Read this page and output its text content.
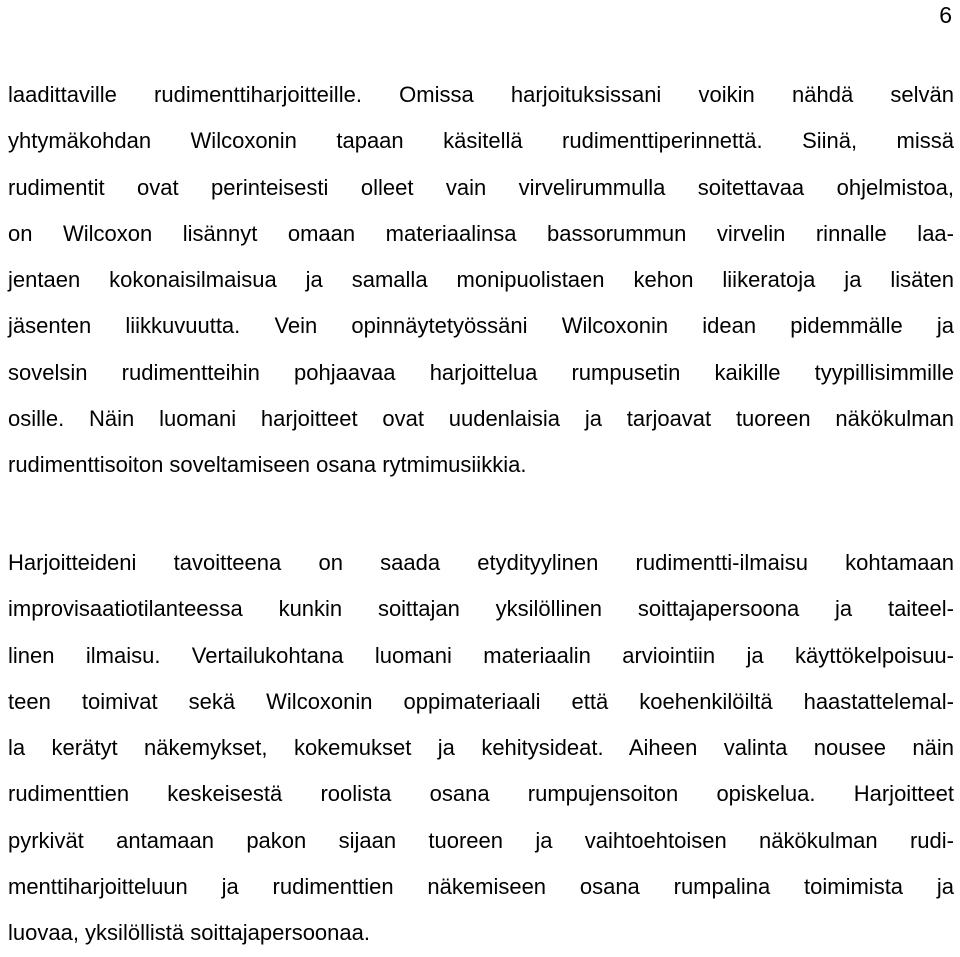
6
laadittaville rudimenttiharjoitteille. Omissa harjoituksissani voikin nähdä selvän
yhtymäkohdan Wilcoxonin tapaan käsitellä rudimenttiperinnettä. Siinä, missä
rudimentit ovat perinteisesti olleet vain virvelirummulla soitettavaa ohjelmistoa,
on Wilcoxon lisännyt omaan materiaalinsa bassorummun virvelin rinnalle laa-
jentaen kokonaisilmaisua ja samalla monipuolistaen kehon liikeratoja ja lisäten
jäsenten liikkuvuutta. Vein opinnäytetyössäni Wilcoxonin idean pidemmälle ja
sovelsin rudimentteihin pohjaavaa harjoittelua rumpusetin kaikille tyypillisimmille
osille. Näin luomani harjoitteet ovat uudenlaisia ja tarjoavat tuoreen näkökulman
rudimenttisoiton soveltamiseen osana rytmimusiikkia.
Harjoitteideni tavoitteena on saada etydityylinen rudimentti-ilmaisu kohtamaan
improvisaatiotilanteessa kunkin soittajan yksilöllinen soittajapersoona ja taiteel-
linen ilmaisu. Vertailukohtana luomani materiaalin arviointiin ja käyttökelpoisuu-
teen toimivat sekä Wilcoxonin oppimateriaali että koehenkilöiltä haastattelemal-
la kerätyt näkemykset, kokemukset ja kehitysideat. Aiheen valinta nousee näin
rudimenttien keskeisestä roolista osana rumpujensoiton opiskelua. Harjoitteet
pyrkivät antamaan pakon sijaan tuoreen ja vaihtoehtoisen näkökulman rudi-
menttiharjoitteluun ja rudimenttien näkemiseen osana rumpalina toimimista ja
luovaa, yksilöllistä soittajapersoonaa.
